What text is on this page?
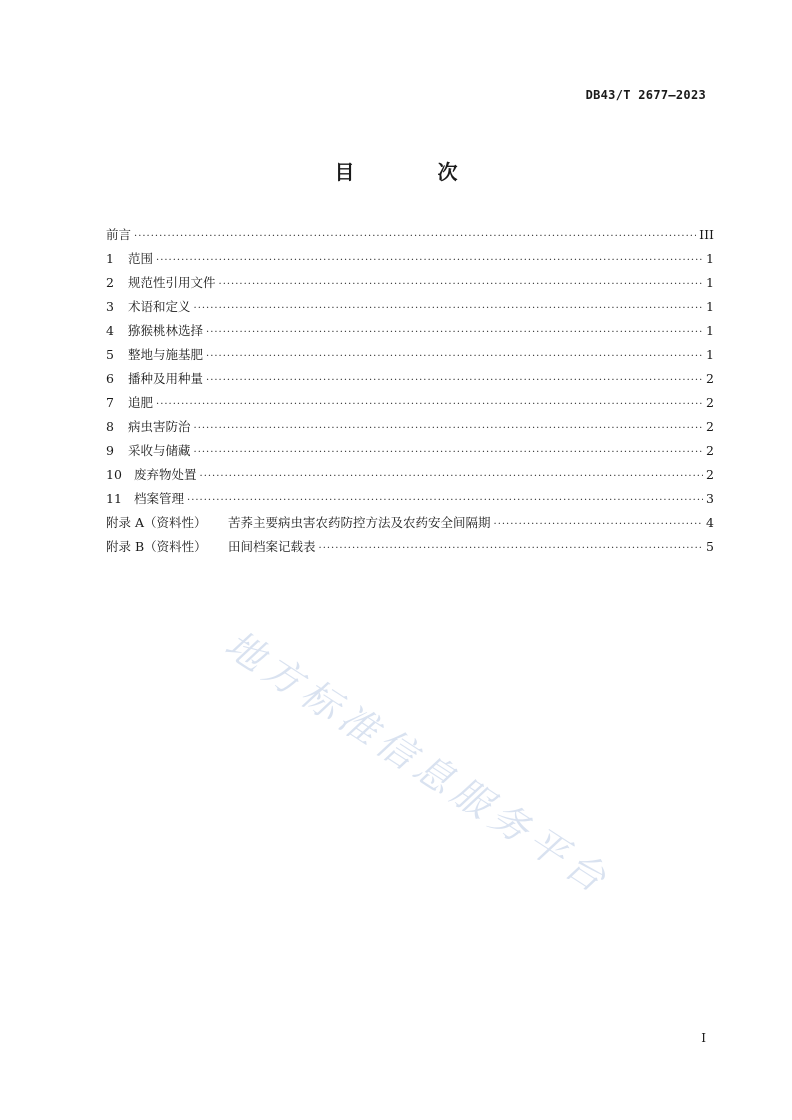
DB43/T 2677—2023
目 次
前言 ·····	III
1	范围 ·····	1
2	规范性引用文件 ·····	1
3	术语和定义 ·····	1
4	猕猴桃林选择 ·····	1
5	整地与施基肥 ·····	1
6	播种及用种量 ·····	2
7	追肥 ·····	2
8	病虫害防治 ·····	2
9	采收与储藏 ·····	2
10 废弃物处置 ·····	2
11 档案管理 ·····	3
附录 A（资料性）	苦荞主要病虫害农药防控方法及农药安全间隔期 ·····	4
附录 B（资料性）	田间档案记载表 ·····	5
地方标准信息服务平台
I
